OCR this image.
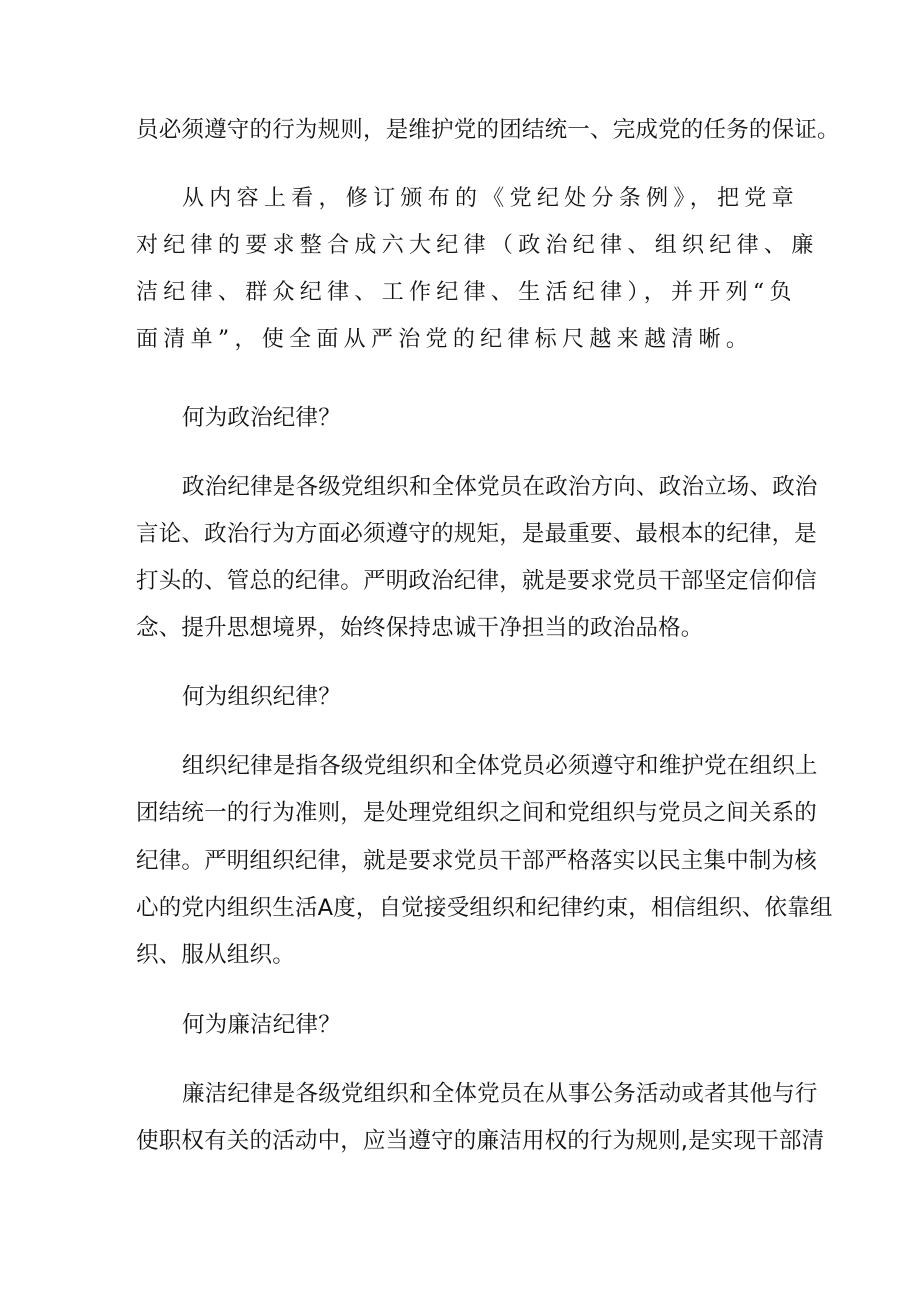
员必须遵守的行为规则，是维护党的团结统一、完成党的任务的保证。
从内容上看，修订颁布的《党纪处分条例》，把党章
对纪律的要求整合成六大纪律（政治纪律、组织纪律、廉
洁纪律、群众纪律、工作纪律、生活纪律），并开列“负
面清单”，使全面从严治党的纪律标尺越来越清晰。
何为政治纪律？
政治纪律是各级党组织和全体党员在政治方向、政治立场、政治
言论、政治行为方面必须遵守的规矩，是最重要、最根本的纪律，是
打头的、管总的纪律。严明政治纪律，就是要求党员干部坚定信仰信
念、提升思想境界，始终保持忠诚干净担当的政治品格。
何为组织纪律？
组织纪律是指各级党组织和全体党员必须遵守和维护党在组织上
团结统一的行为准则，是处理党组织之间和党组织与党员之间关系的
纪律。严明组织纪律，就是要求党员干部严格落实以民主集中制为核
心的党内组织生活A度，自觉接受组织和纪律约束，相信组织、依靠组
织、服从组织。
何为廉洁纪律？
廉洁纪律是各级党组织和全体党员在从事公务活动或者其他与行
使职权有关的活动中，应当遵守的廉洁用权的行为规则,是实现干部清
